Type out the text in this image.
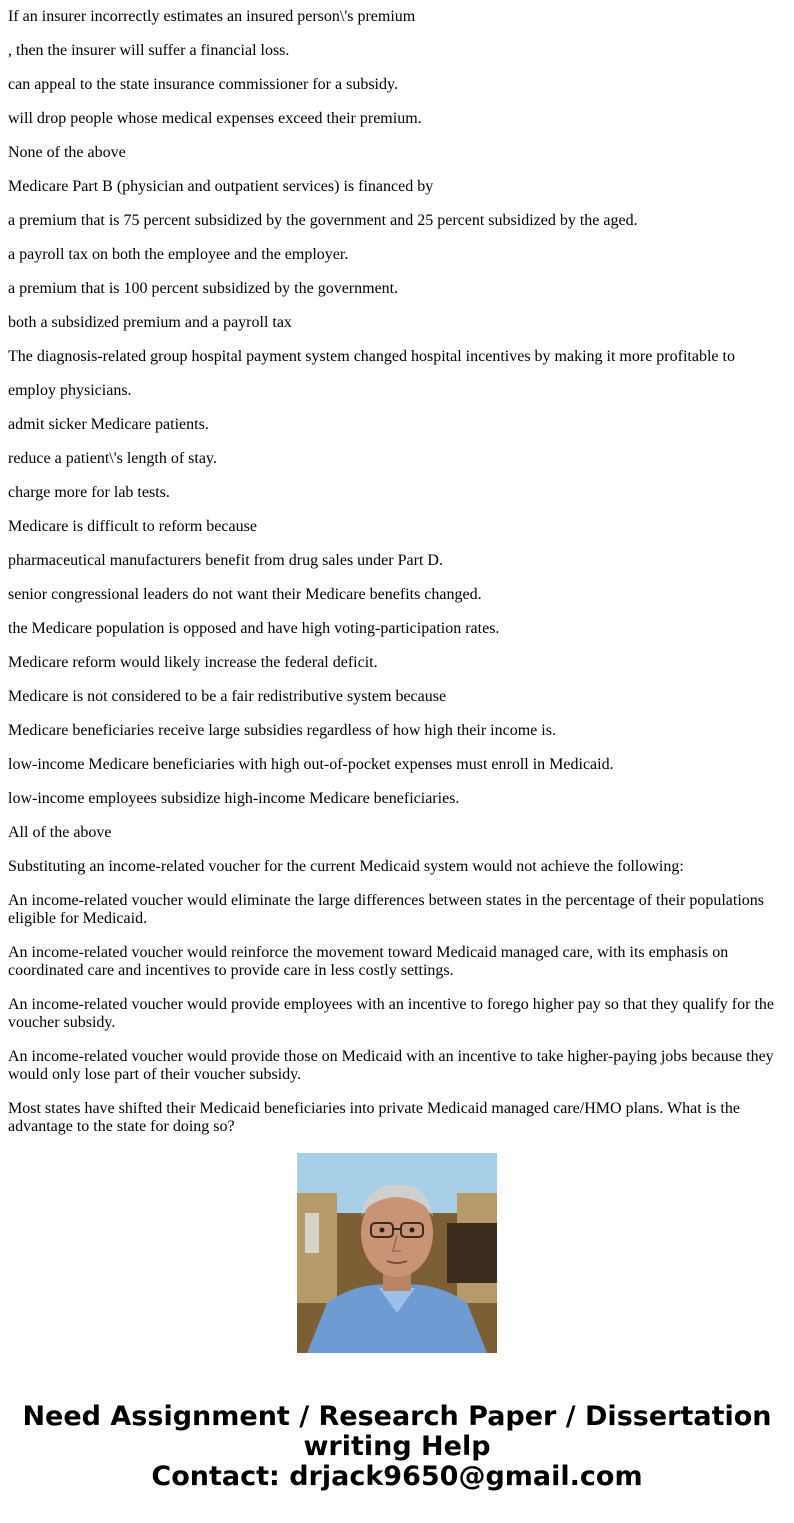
If an insurer incorrectly estimates an insured person\'s premium

, then the insurer will suffer a financial loss.

can appeal to the state insurance commissioner for a subsidy.

will drop people whose medical expenses exceed their premium.

None of the above

Medicare Part B (physician and outpatient services) is financed by

a premium that is 75 percent subsidized by the government and 25 percent subsidized by the aged.

a payroll tax on both the employee and the employer.

a premium that is 100 percent subsidized by the government.

both a subsidized premium and a payroll tax

The diagnosis-related group hospital payment system changed hospital incentives by making it more profitable to

employ physicians.

admit sicker Medicare patients.

reduce a patient\'s length of stay.

charge more for lab tests.

Medicare is difficult to reform because

pharmaceutical manufacturers benefit from drug sales under Part D.

senior congressional leaders do not want their Medicare benefits changed.

the Medicare population is opposed and have high voting-participation rates.

Medicare reform would likely increase the federal deficit.

Medicare is not considered to be a fair redistributive system because

Medicare beneficiaries receive large subsidies regardless of how high their income is.

low-income Medicare beneficiaries with high out-of-pocket expenses must enroll in Medicaid.

low-income employees subsidize high-income Medicare beneficiaries.

All of the above

Substituting an income-related voucher for the current Medicaid system would not achieve the following:

An income-related voucher would eliminate the large differences between states in the percentage of their populations eligible for Medicaid.

An income-related voucher would reinforce the movement toward Medicaid managed care, with its emphasis on coordinated care and incentives to provide care in less costly settings.

An income-related voucher would provide employees with an incentive to forego higher pay so that they qualify for the voucher subsidy.

An income-related voucher would provide those on Medicaid with an incentive to take higher-paying jobs because they would only lose part of their voucher subsidy.

Most states have shifted their Medicaid beneficiaries into private Medicaid managed care/HMO plans. What is the advantage to the state for doing so?

Need Assignment / Research Paper / Dissertation
writing Help
Contact: drjack9650@gmail.com
